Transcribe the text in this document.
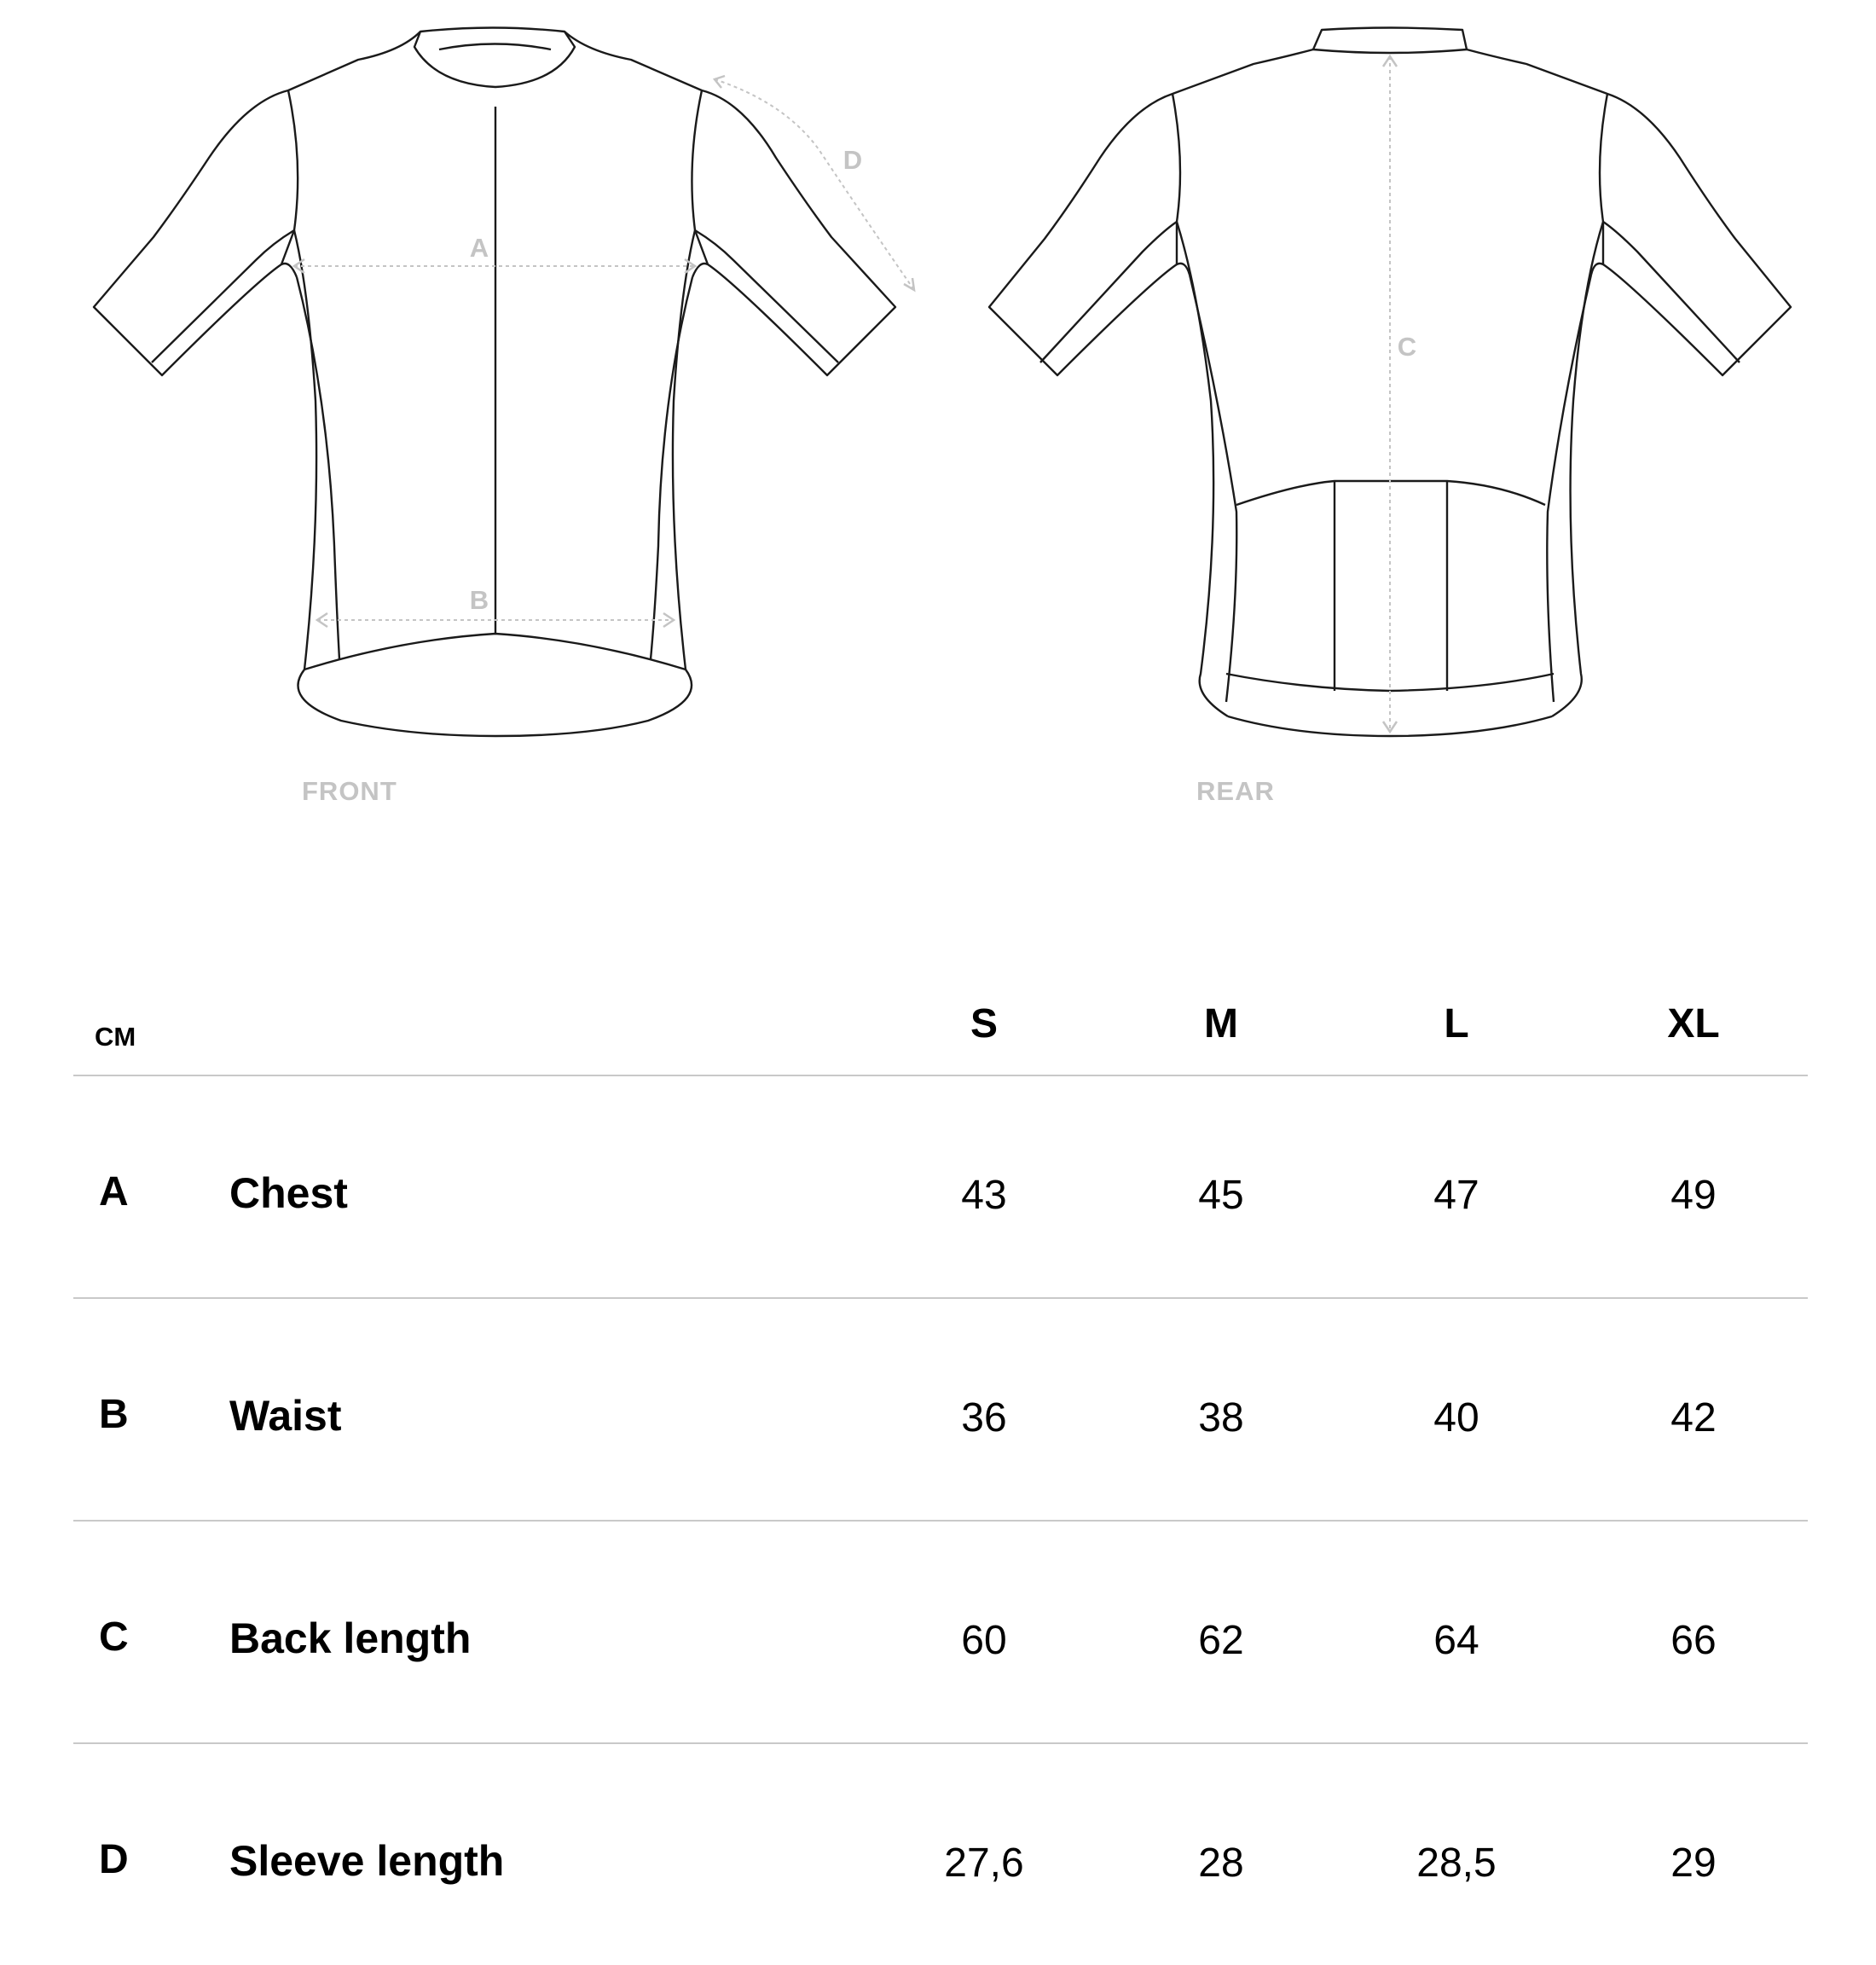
A
B
C
D
FRONT	REAR
CM	S	M	L	XL
A Chest	43	45	47	49
B Waist	36	38	40	42
C Back length	60	62	64	66
D Sleeve length	27,6	28	28,5	29
